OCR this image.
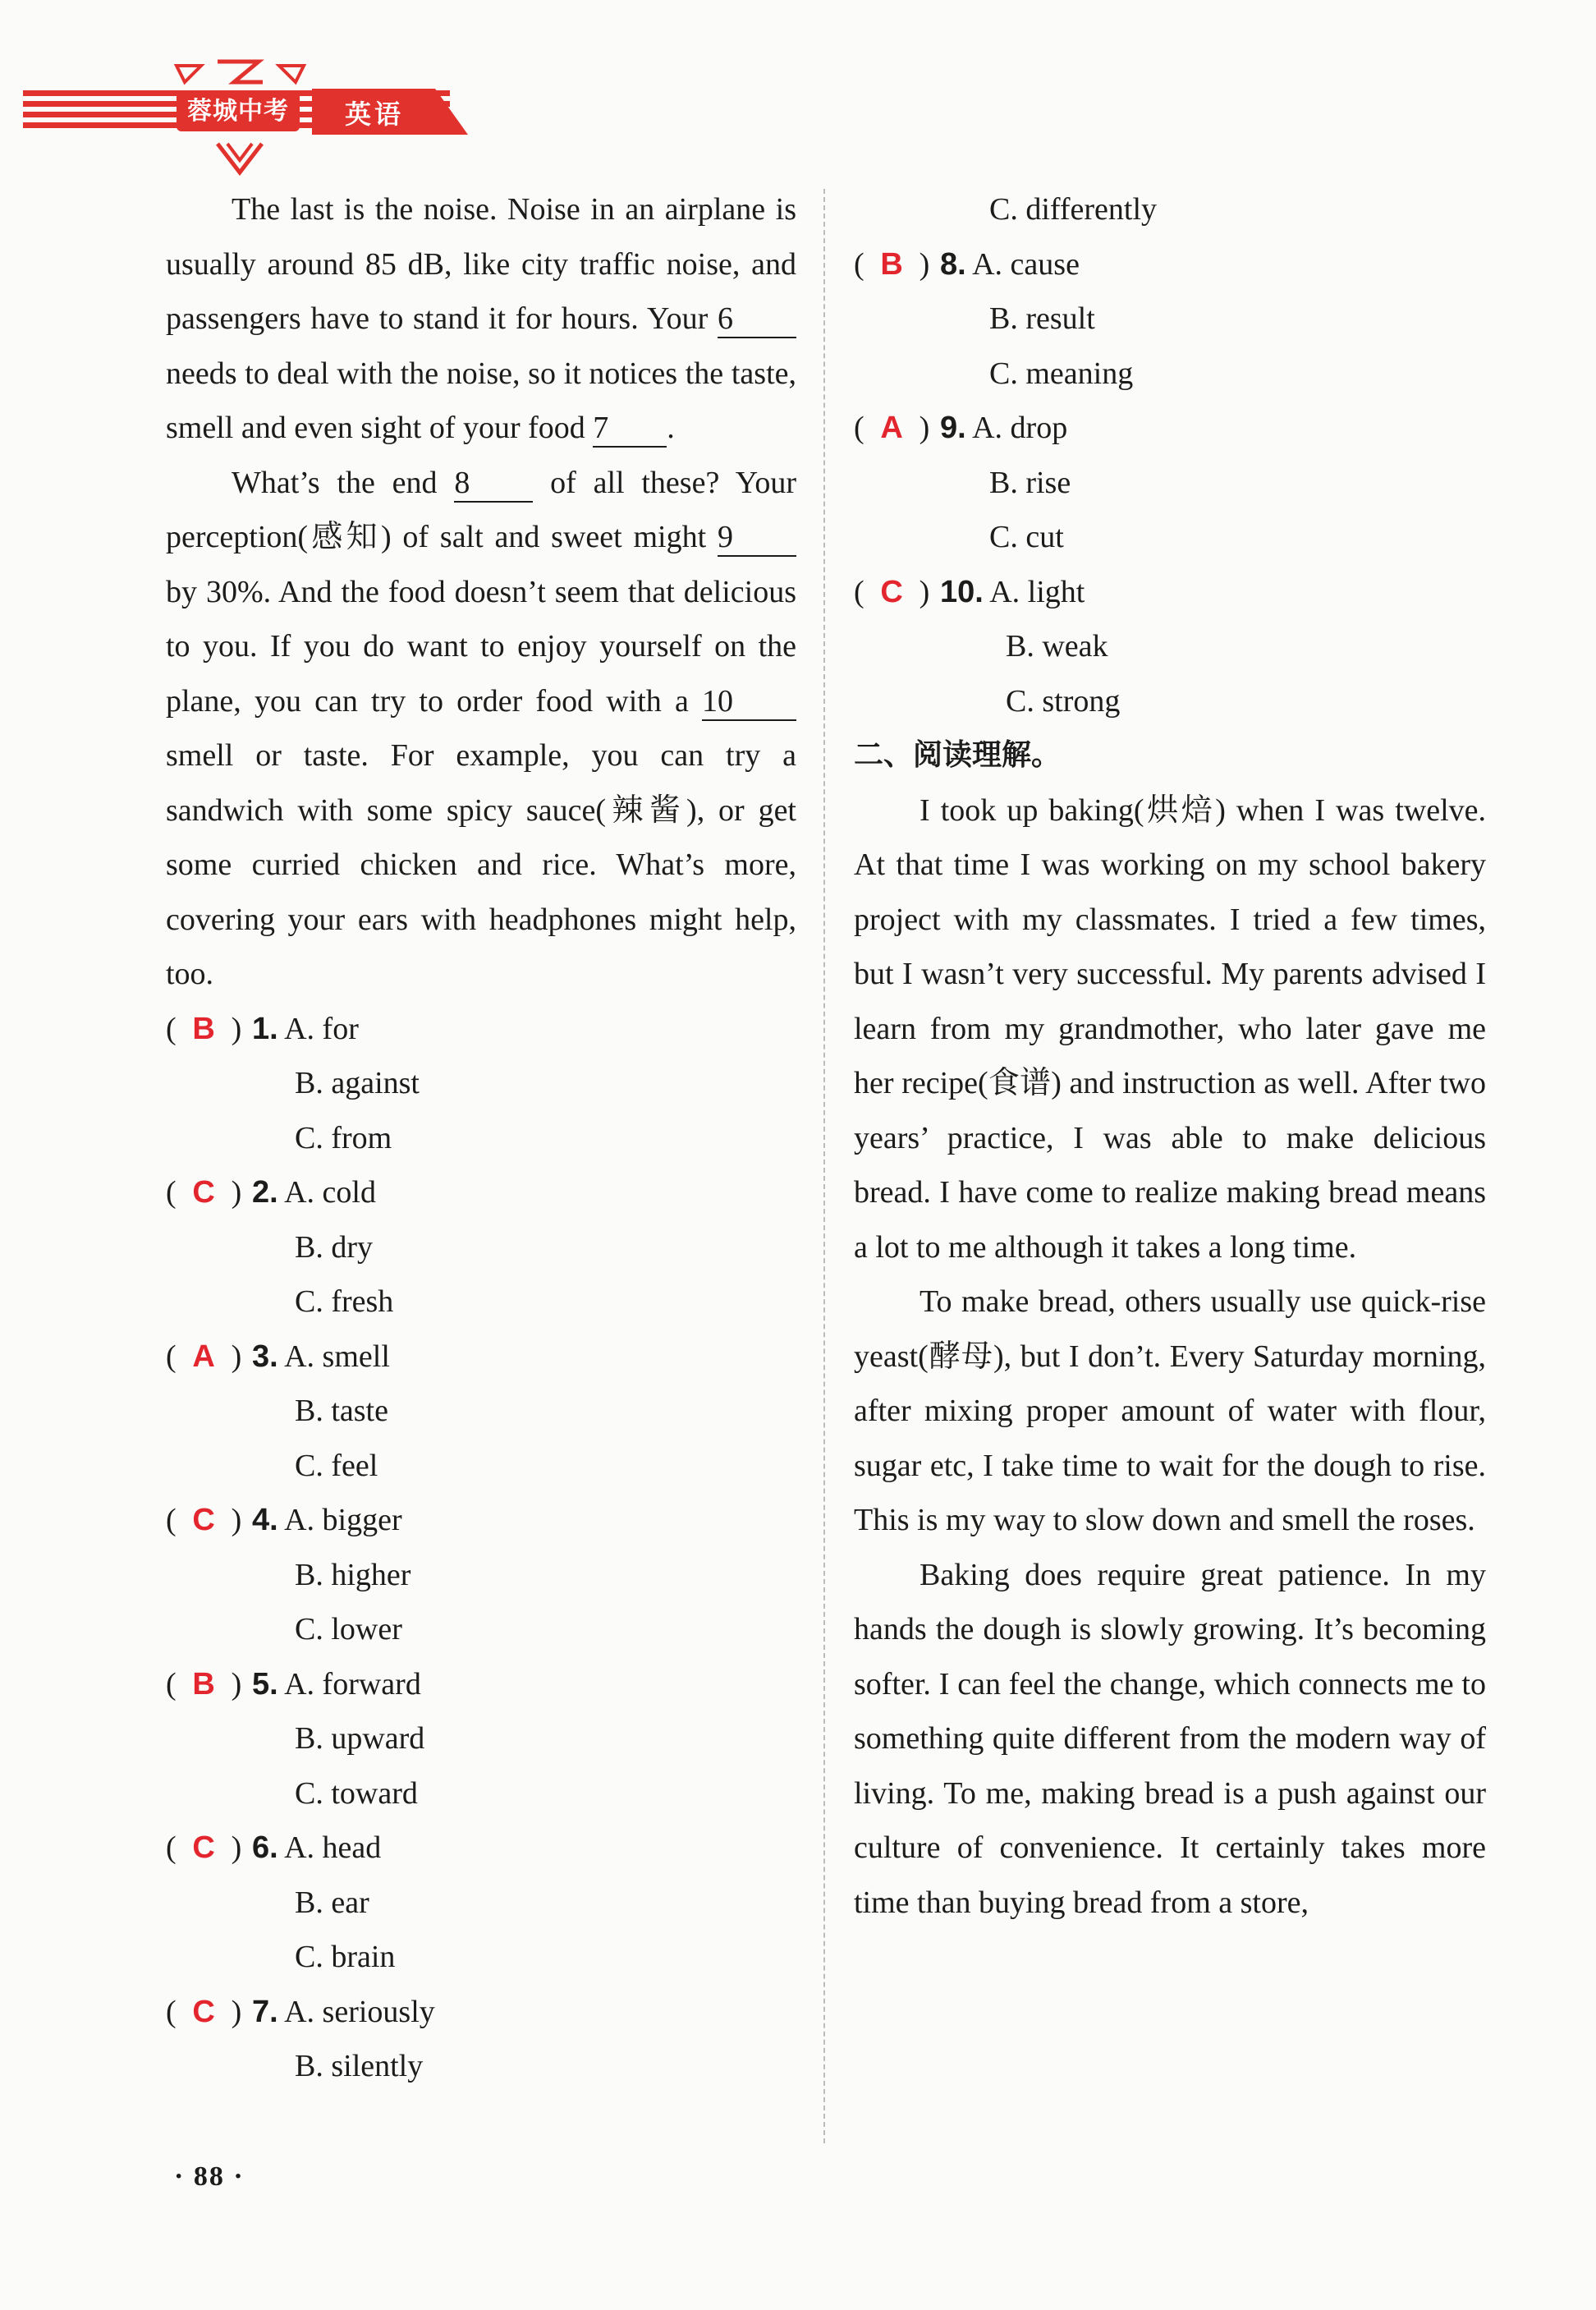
蓉城中考	英语

The last is the noise. Noise in an airplane is usually around 85 dB, like city traffic noise, and passengers have to stand it for hours. Your 6 needs to deal with the noise, so it notices the taste, smell and even sight of your food 7 .

What’s the end 8 of all these? Your perception(感知) of salt and sweet might 9 by 30%. And the food doesn’t seem that delicious to you. If you do want to enjoy yourself on the plane, you can try to order food with a 10 smell or taste. For example, you can try a sandwich with some spicy sauce(辣酱), or get some curried chicken and rice. What’s more, covering your ears with headphones might help, too.

( B ) 1. A. for
B. against
C. from
( C ) 2. A. cold
B. dry
C. fresh
( A ) 3. A. smell
B. taste
C. feel
( C ) 4. A. bigger
B. higher
C. lower
( B ) 5. A. forward
B. upward
C. toward
( C ) 6. A. head
B. ear
C. brain
( C ) 7. A. seriously
B. silently
C. differently
( B ) 8. A. cause
B. result
C. meaning
( A ) 9. A. drop
B. rise
C. cut
( C ) 10. A. light
B. weak
C. strong
二、阅读理解。

I took up baking(烘焙) when I was twelve. At that time I was working on my school bakery project with my classmates. I tried a few times, but I wasn’t very successful. My parents advised I learn from my grandmother, who later gave me her recipe(食谱) and instruction as well. After two years’ practice, I was able to make delicious bread. I have come to realize making bread means a lot to me although it takes a long time.

To make bread, others usually use quick-rise yeast(酵母), but I don’t. Every Saturday morning, after mixing proper amount of water with flour, sugar etc, I take time to wait for the dough to rise. This is my way to slow down and smell the roses.

Baking does require great patience. In my hands the dough is slowly growing. It’s becoming softer. I can feel the change, which connects me to something quite different from the modern way of living. To me, making bread is a push against our culture of convenience. It certainly takes more time than buying bread from a store,

· 88 ·
